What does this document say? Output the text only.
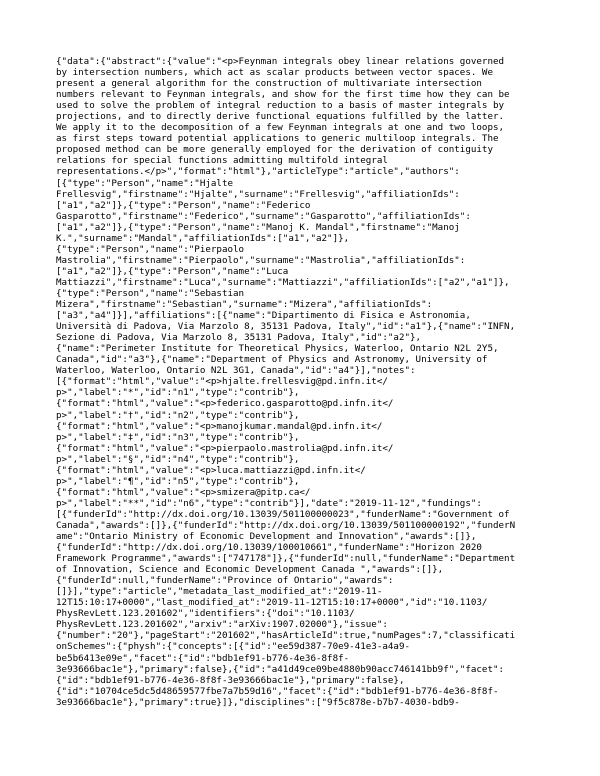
{"data":{"abstract":{"value":"<p>Feynman integrals obey linear relations governed
by intersection numbers, which act as scalar products between vector spaces. We
present a general algorithm for the construction of multivariate intersection
numbers relevant to Feynman integrals, and show for the first time how they can be
used to solve the problem of integral reduction to a basis of master integrals by
projections, and to directly derive functional equations fulfilled by the latter.
We apply it to the decomposition of a few Feynman integrals at one and two loops,
as first steps toward potential applications to generic multiloop integrals. The
proposed method can be more generally employed for the derivation of contiguity
relations for special functions admitting multifold integral
representations.</p>","format":"html"},"articleType":"article","authors":
[{"type":"Person","name":"Hjalte
Frellesvig","firstname":"Hjalte","surname":"Frellesvig","affiliationIds":
["a1","a2"]},{"type":"Person","name":"Federico
Gasparotto","firstname":"Federico","surname":"Gasparotto","affiliationIds":
["a1","a2"]},{"type":"Person","name":"Manoj K. Mandal","firstname":"Manoj
K.","surname":"Mandal","affiliationIds":["a1","a2"]},
{"type":"Person","name":"Pierpaolo
Mastrolia","firstname":"Pierpaolo","surname":"Mastrolia","affiliationIds":
["a1","a2"]},{"type":"Person","name":"Luca
Mattiazzi","firstname":"Luca","surname":"Mattiazzi","affiliationIds":["a2","a1"]},
{"type":"Person","name":"Sebastian
Mizera","firstname":"Sebastian","surname":"Mizera","affiliationIds":
["a3","a4"]}],"affiliations":[{"name":"Dipartimento di Fisica e Astronomia,
Università di Padova, Via Marzolo 8, 35131 Padova, Italy","id":"a1"},{"name":"INFN,
Sezione di Padova, Via Marzolo 8, 35131 Padova, Italy","id":"a2"},
{"name":"Perimeter Institute for Theoretical Physics, Waterloo, Ontario N2L 2Y5,
Canada","id":"a3"},{"name":"Department of Physics and Astronomy, University of
Waterloo, Waterloo, Ontario N2L 3G1, Canada","id":"a4"}],"notes":
[{"format":"html","value":"<p>hjalte.frellesvig@pd.infn.it</
p>","label":"*","id":"n1","type":"contrib"},
{"format":"html","value":"<p>federico.gasparotto@pd.infn.it</
p>","label":"†","id":"n2","type":"contrib"},
{"format":"html","value":"<p>manojkumar.mandal@pd.infn.it</
p>","label":"‡","id":"n3","type":"contrib"},
{"format":"html","value":"<p>pierpaolo.mastrolia@pd.infn.it</
p>","label":"§","id":"n4","type":"contrib"},
{"format":"html","value":"<p>luca.mattiazzi@pd.infn.it</
p>","label":"¶","id":"n5","type":"contrib"},
{"format":"html","value":"<p>smizera@pitp.ca</
p>","label":"**","id":"n6","type":"contrib"}],"date":"2019-11-12","fundings":
[{"funderId":"http://dx.doi.org/10.13039/501100000023","funderName":"Government of
Canada","awards":[]},{"funderId":"http://dx.doi.org/10.13039/501100000192","funderN
ame":"Ontario Ministry of Economic Development and Innovation","awards":[]},
{"funderId":"http://dx.doi.org/10.13039/100010661","funderName":"Horizon 2020
Framework Programme","awards":["747178"]},{"funderId":null,"funderName":"Department
of Innovation, Science and Economic Development Canada ","awards":[]},
{"funderId":null,"funderName":"Province of Ontario","awards":
[]}],"type":"article","metadata_last_modified_at":"2019-11-
12T15:10:17+0000","last_modified_at":"2019-11-12T15:10:17+0000","id":"10.1103/
PhysRevLett.123.201602","identifiers":{"doi":"10.1103/
PhysRevLett.123.201602","arxiv":"arXiv:1907.02000"},"issue":
{"number":"20"},"pageStart":"201602","hasArticleId":true,"numPages":7,"classificati
onSchemes":{"physh":{"concepts":[{"id":"ee59d387-70e9-41e3-a4a9-
be5b6413e09e","facet":{"id":"bdb1ef91-b776-4e36-8f8f-
3e93666bac1e"},"primary":false},{"id":"a41d49ce09be4880b90acc746141bb9f","facet":
{"id":"bdb1ef91-b776-4e36-8f8f-3e93666bac1e"},"primary":false},
{"id":"10704ce5dc5d48659577fbe7a7b59d16","facet":{"id":"bdb1ef91-b776-4e36-8f8f-
3e93666bac1e"},"primary":true}]},"disciplines":["9f5c878e-b7b7-4030-bdb9-
